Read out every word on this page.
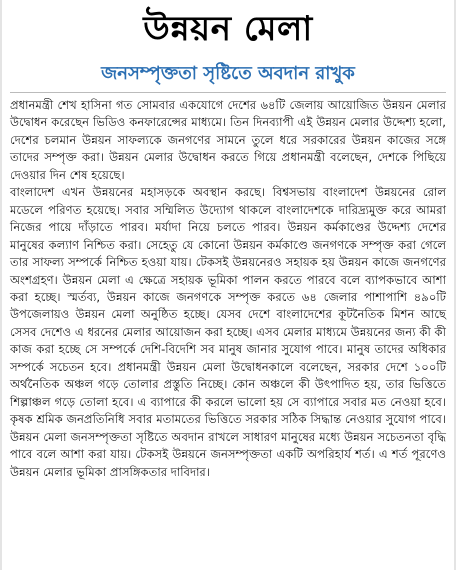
উন্নয়ন মেলা
জনসম্পৃক্ততা সৃষ্টিতে অবদান রাখুক

প্রধানমন্ত্রী শেখ হাসিনা গত সোমবার একযোগে দেশের ৬৪টি জেলায় আয়োজিত উন্নয়ন মেলার উদ্বোধন করেছেন ভিডিও কনফারেন্সের মাধ্যমে। তিন দিনব্যাপী এই উন্নয়ন মেলার উদ্দেশ্য হলো, দেশের চলমান উন্নয়ন সাফল্যকে জনগণের সামনে তুলে ধরে সরকারের উন্নয়ন কাজের সঙ্গে তাদের সম্পৃক্ত করা। উন্নয়ন মেলার উদ্বোধন করতে গিয়ে প্রধানমন্ত্রী বলেছেন, দেশকে পিছিয়ে দেওয়ার দিন শেষ হয়েছে।

বাংলাদেশ এখন উন্নয়নের মহাসড়কে অবস্থান করছে। বিশ্বসভায় বাংলাদেশ উন্নয়নের রোল মডেলে পরিণত হয়েছে। সবার সম্মিলিত উদ্যোগ থাকলে বাংলাদেশকে দারিদ্র্যমুক্ত করে আমরা নিজের পায়ে দাঁড়াতে পারব। মর্যাদা নিয়ে চলতে পারব। উন্নয়ন কর্মকাণ্ডের উদ্দেশ্য দেশের মানুষের কল্যাণ নিশ্চিত করা। সেহেতু যে কোনো উন্নয়ন কর্মকাণ্ডে জনগণকে সম্পৃক্ত করা গেলে তার সাফল্য সম্পর্কে নিশ্চিত হওয়া যায়। টেকসই উন্নয়নেরও সহায়ক হয় উন্নয়ন কাজে জনগণের অংশগ্রহণ। উন্নয়ন মেলা এ ক্ষেত্রে সহায়ক ভূমিকা পালন করতে পারবে বলে ব্যাপকভাবে আশা করা হচ্ছে। স্মর্তব্য, উন্নয়ন কাজে জনগণকে সম্পৃক্ত করতে ৬৪ জেলার পাশাপাশি ৪৯০টি উপজেলায়ও উন্নয়ন মেলা অনুষ্ঠিত হচ্ছে। যেসব দেশে বাংলাদেশের কূটনৈতিক মিশন আছে সেসব দেশেও এ ধরনের মেলার আয়োজন করা হচ্ছে। এসব মেলার মাধ্যমে উন্নয়নের জন্য কী কী কাজ করা হচ্ছে সে সম্পর্কে দেশি-বিদেশি সব মানুষ জানার সুযোগ পাবে। মানুষ তাদের অধিকার সম্পর্কে সচেতন হবে। প্রধানমন্ত্রী উন্নয়ন মেলা উদ্বোধনকালে বলেছেন, সরকার দেশে ১০০টি অর্থনৈতিক অঞ্চল গড়ে তোলার প্রস্তুতি নিচ্ছে। কোন অঞ্চলে কী উৎপাদিত হয়, তার ভিত্তিতে শিল্পাঞ্চল গড়ে তোলা হবে। এ ব্যাপারে কী করলে ভালো হয় সে ব্যাপারে সবার মত নেওয়া হবে। কৃষক শ্রমিক জনপ্রতিনিধি সবার মতামতের ভিত্তিতে সরকার সঠিক সিদ্ধান্ত নেওয়ার সুযোগ পাবে। উন্নয়ন মেলা জনসম্পৃক্ততা সৃষ্টিতে অবদান রাখলে সাধারণ মানুষের মধ্যে উন্নয়ন সচেতনতা বৃদ্ধি পাবে বলে আশা করা যায়। টেকসই উন্নয়নে জনসম্পৃক্ততা একটি অপরিহার্য শর্ত। এ শর্ত পূরণেও উন্নয়ন মেলার ভূমিকা প্রাসঙ্গিকতার দাবিদার।
